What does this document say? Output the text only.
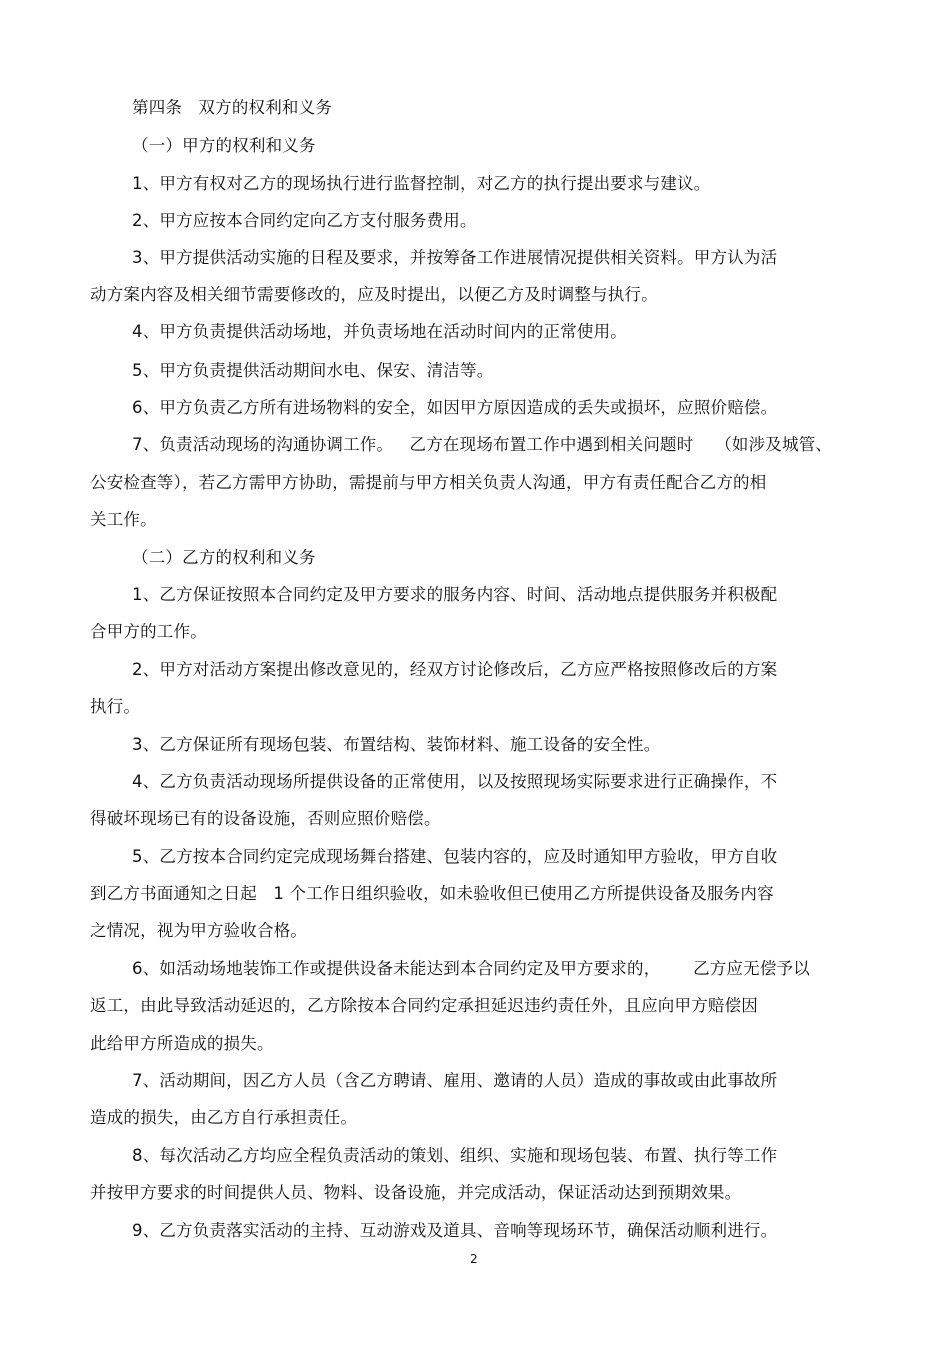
第四条   双方的权利和义务
（一）甲方的权利和义务
1、甲方有权对乙方的现场执行进行监督控制，对乙方的执行提出要求与建议。
2、甲方应按本合同约定向乙方支付服务费用。
3、甲方提供活动实施的日程及要求，并按筹备工作进展情况提供相关资料。甲方认为活
动方案内容及相关细节需要修改的，应及时提出，以便乙方及时调整与执行。
4、甲方负责提供活动场地，并负责场地在活动时间内的正常使用。
5、甲方负责提供活动期间水电、保安、清洁等。
6、甲方负责乙方所有进场物料的安全，如因甲方原因造成的丢失或损坏，应照价赔偿。
7、负责活动现场的沟通协调工作。   乙方在现场布置工作中遇到相关问题时    （如涉及城管、
公安检查等），若乙方需甲方协助，需提前与甲方相关负责人沟通，甲方有责任配合乙方的相
关工作。
（二）乙方的权利和义务
1、乙方保证按照本合同约定及甲方要求的服务内容、时间、活动地点提供服务并积极配
合甲方的工作。
2、甲方对活动方案提出修改意见的，经双方讨论修改后，乙方应严格按照修改后的方案
执行。
3、乙方保证所有现场包装、布置结构、装饰材料、施工设备的安全性。
4、乙方负责活动现场所提供设备的正常使用，以及按照现场实际要求进行正确操作，不
得破坏现场已有的设备设施，否则应照价赔偿。
5、乙方按本合同约定完成现场舞台搭建、包装内容的，应及时通知甲方验收，甲方自收
到乙方书面通知之日起   1 个工作日组织验收，如未验收但已使用乙方所提供设备及服务内容
之情况，视为甲方验收合格。
6、如活动场地装饰工作或提供设备未能达到本合同约定及甲方要求的，      乙方应无偿予以
返工，由此导致活动延迟的，乙方除按本合同约定承担延迟违约责任外，且应向甲方赔偿因
此给甲方所造成的损失。
7、活动期间，因乙方人员（含乙方聘请、雇用、邀请的人员）造成的事故或由此事故所
造成的损失，由乙方自行承担责任。
8、每次活动乙方均应全程负责活动的策划、组织、实施和现场包装、布置、执行等工作
并按甲方要求的时间提供人员、物料、设备设施，并完成活动，保证活动达到预期效果。
9、乙方负责落实活动的主持、互动游戏及道具、音响等现场环节，确保活动顺利进行。
2
